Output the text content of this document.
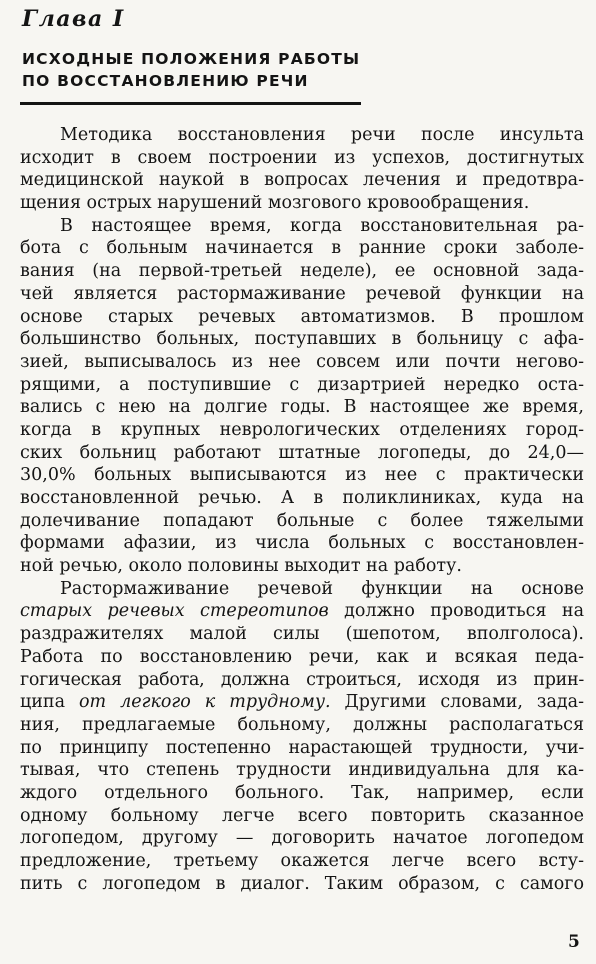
Глава I
ИСХОДНЫЕ ПОЛОЖЕНИЯ РАБОТЫ
ПО ВОССТАНОВЛЕНИЮ РЕЧИ
Методика восстановления речи после инсульта
исходит в своем построении из успехов, достигнутых
медицинской наукой в вопросах лечения и предотвра-
щения острых нарушений мозгового кровообращения.
В настоящее время, когда восстановительная ра-
бота с больным начинается в ранние сроки заболе-
вания (на первой-третьей неделе), ее основной зада-
чей является растормаживание речевой функции на
основе старых речевых автоматизмов. В прошлом
большинство больных, поступавших в больницу с афа-
зией, выписывалось из нее совсем или почти негово-
рящими, а поступившие с дизартрией нередко оста-
вались с нею на долгие годы. В настоящее же время,
когда в крупных неврологических отделениях город-
ских больниц работают штатные логопеды, до 24,0—
30,0% больных выписываются из нее с практически
восстановленной речью. А в поликлиниках, куда на
долечивание попадают больные с более тяжелыми
формами афазии, из числа больных с восстановлен-
ной речью, около половины выходит на работу.
Растормаживание речевой функции на основе
старых речевых стереотипов должно проводиться на
раздражителях малой силы (шепотом, вполголоса).
Работа по восстановлению речи, как и всякая педа-
гогическая работа, должна строиться, исходя из прин-
ципа от легкого к трудному. Другими словами, зада-
ния, предлагаемые больному, должны располагаться
по принципу постепенно нарастающей трудности, учи-
тывая, что степень трудности индивидуальна для ка-
ждого отдельного больного. Так, например, если
одному больному легче всего повторить сказанное
логопедом, другому — договорить начатое логопедом
предложение, третьему окажется легче всего всту-
пить с логопедом в диалог. Таким образом, с самого
5
